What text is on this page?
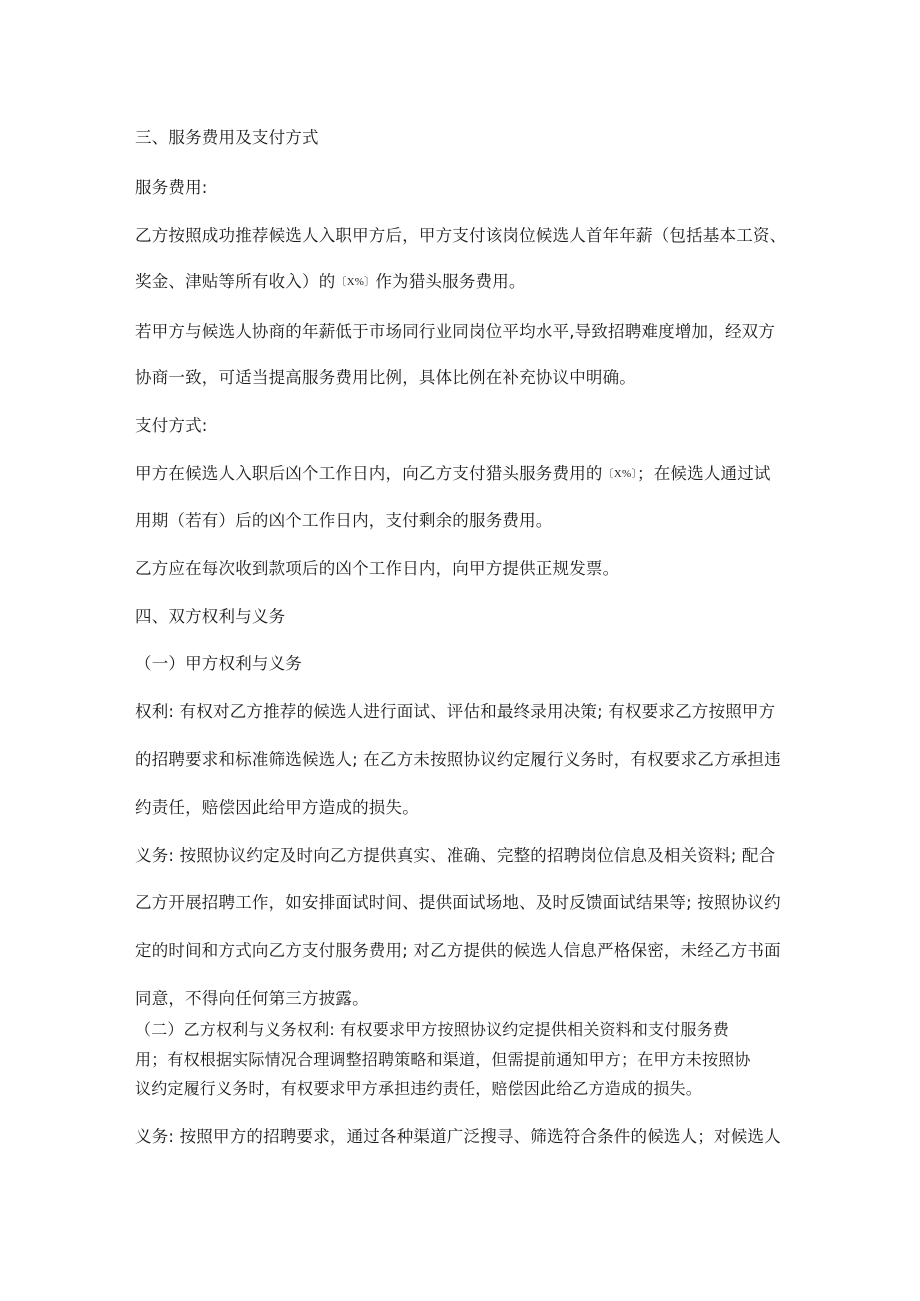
三、服务费用及支付方式
服务费用:
乙方按照成功推荐候选人入职甲方后，甲方支付该岗位候选人首年年薪（包括基本工资、
奖金、津贴等所有收入）的〔X%〕作为猎头服务费用。
若甲方与候选人协商的年薪低于市场同行业同岗位平均水平,导致招聘难度增加，经双方
协商一致，可适当提高服务费用比例，具体比例在补充协议中明确。
支付方式:
甲方在候选人入职后凶个工作日内，向乙方支付猎头服务费用的〔X%〕；在候选人通过试
用期（若有）后的凶个工作日内，支付剩余的服务费用。
乙方应在每次收到款项后的凶个工作日内，向甲方提供正规发票。
四、双方权利与义务
（一）甲方权利与义务
权利: 有权对乙方推荐的候选人进行面试、评估和最终录用决策; 有权要求乙方按照甲方
的招聘要求和标准筛选候选人; 在乙方未按照协议约定履行义务时，有权要求乙方承担违
约责任，赔偿因此给甲方造成的损失。
义务: 按照协议约定及时向乙方提供真实、准确、完整的招聘岗位信息及相关资料; 配合
乙方开展招聘工作，如安排面试时间、提供面试场地、及时反馈面试结果等; 按照协议约
定的时间和方式向乙方支付服务费用; 对乙方提供的候选人信息严格保密，未经乙方书面
同意，不得向任何第三方披露。
（二）乙方权利与义务权利: 有权要求甲方按照协议约定提供相关资料和支付服务费
用；有权根据实际情况合理调整招聘策略和渠道，但需提前通知甲方；在甲方未按照协
议约定履行义务时，有权要求甲方承担违约责任，赔偿因此给乙方造成的损失。
义务: 按照甲方的招聘要求，通过各种渠道广泛搜寻、筛选符合条件的候选人；对候选人
